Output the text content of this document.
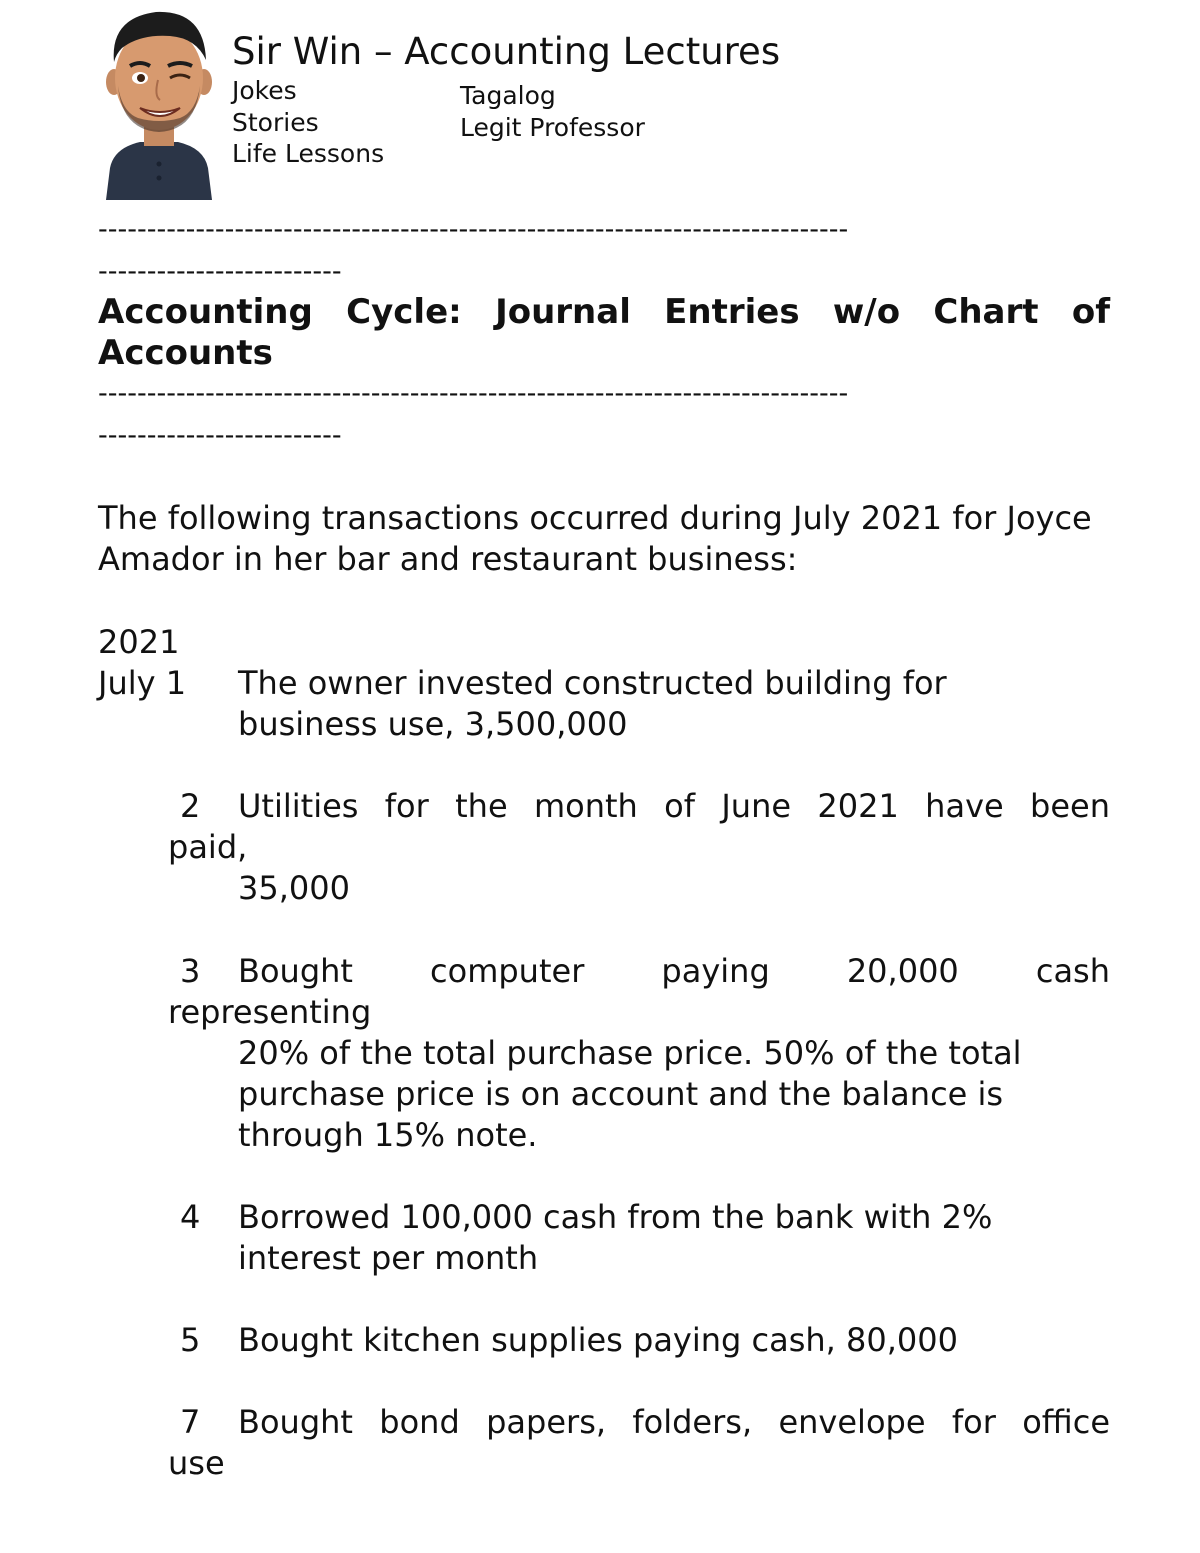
Sir Win – Accounting Lectures
Jokes
Stories
Life Lessons
Tagalog
Legit Professor
-----------------------------------------------------------------------------
-------------------------
Accounting Cycle: Journal Entries w/o Chart of Accounts
-----------------------------------------------------------------------------
-------------------------
The following transactions occurred during July 2021 for Joyce Amador in her bar and restaurant business:
2021
July 1 The owner invested constructed building for
business use, 3,500,000
2 Utilities for the month of June 2021 have been
paid,
35,000
3 Bought computer paying 20,000 cash
representing
20% of the total purchase price. 50% of the total purchase price is on account and the balance is through 15% note.
4 Borrowed 100,000 cash from the bank with 2% interest per month
5 Bought kitchen supplies paying cash, 80,000
7 Bought bond papers, folders, envelope for office
use
